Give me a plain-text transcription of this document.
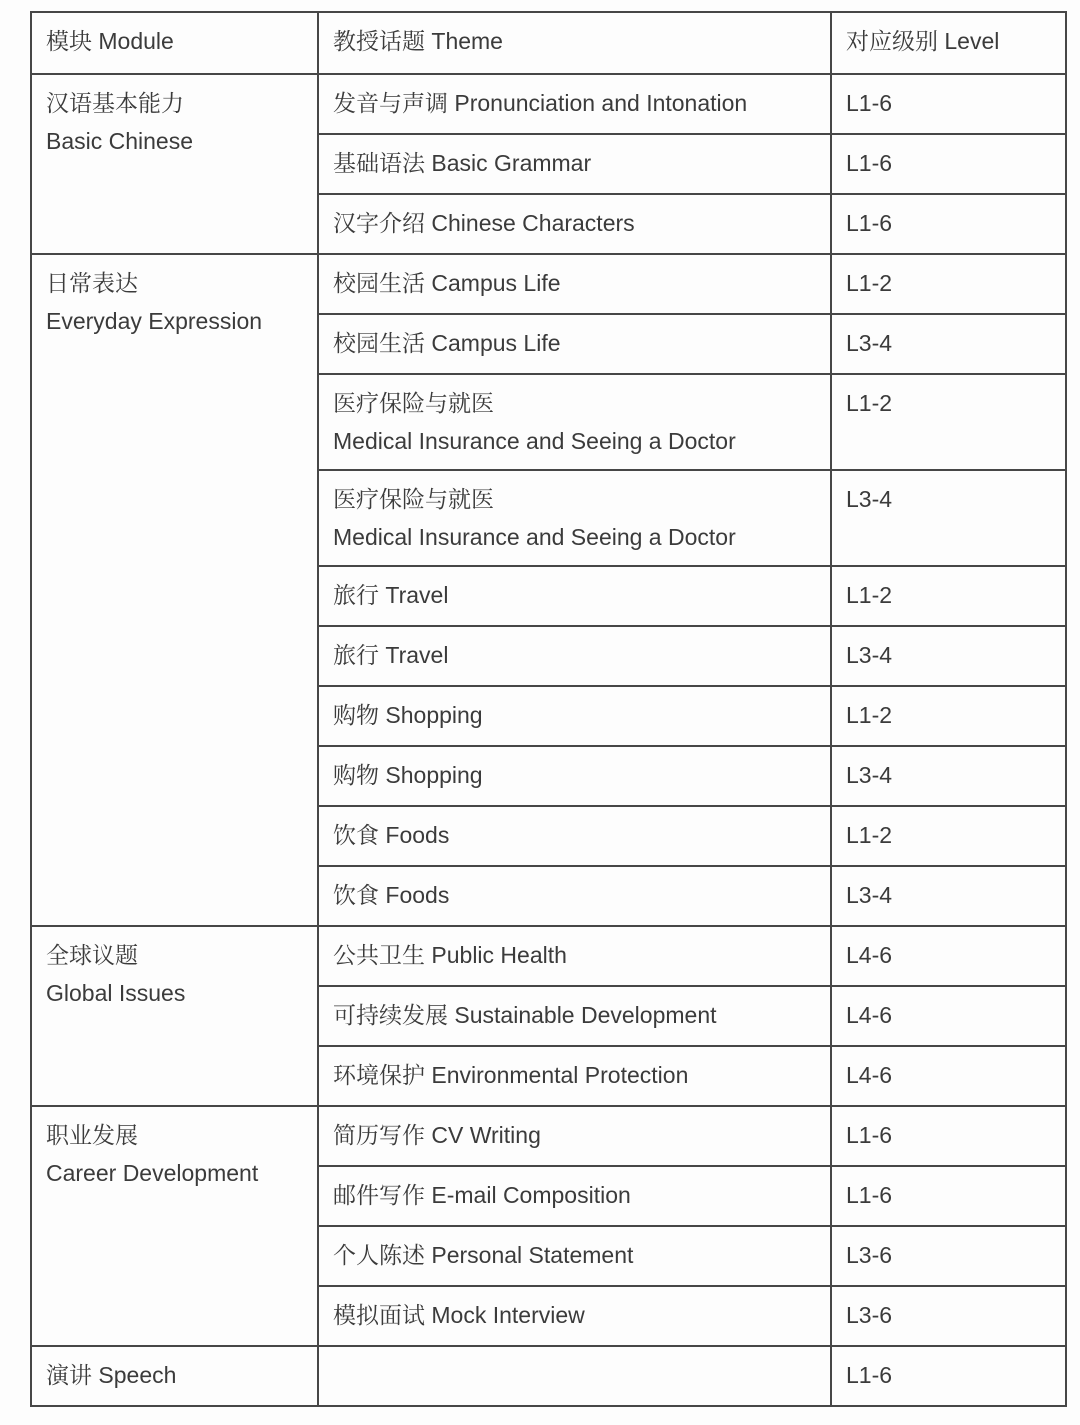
模块 Module	教授话题 Theme	对应级别 Level

汉语基本能力
Basic Chinese	发音与声调 Pronunciation and Intonation	L1-6

	基础语法 Basic Grammar	L1-6

	汉字介绍 Chinese Characters	L1-6

日常表达
Everyday Expression	校园生活 Campus Life	L1-2

	校园生活 Campus Life	L3-4

	医疗保险与就医
Medical Insurance and Seeing a Doctor	L1-2

	医疗保险与就医
Medical Insurance and Seeing a Doctor	L3-4

	旅行 Travel	L1-2

	旅行 Travel	L3-4

	购物 Shopping	L1-2

	购物 Shopping	L3-4

	饮食 Foods	L1-2

	饮食 Foods	L3-4

全球议题
Global Issues	公共卫生 Public Health	L4-6

	可持续发展 Sustainable Development	L4-6

	环境保护 Environmental Protection	L4-6

职业发展
Career Development	简历写作 CV Writing	L1-6

	邮件写作 E-mail Composition	L1-6

	个人陈述 Personal Statement	L3-6

	模拟面试 Mock Interview	L3-6

演讲 Speech		L1-6
